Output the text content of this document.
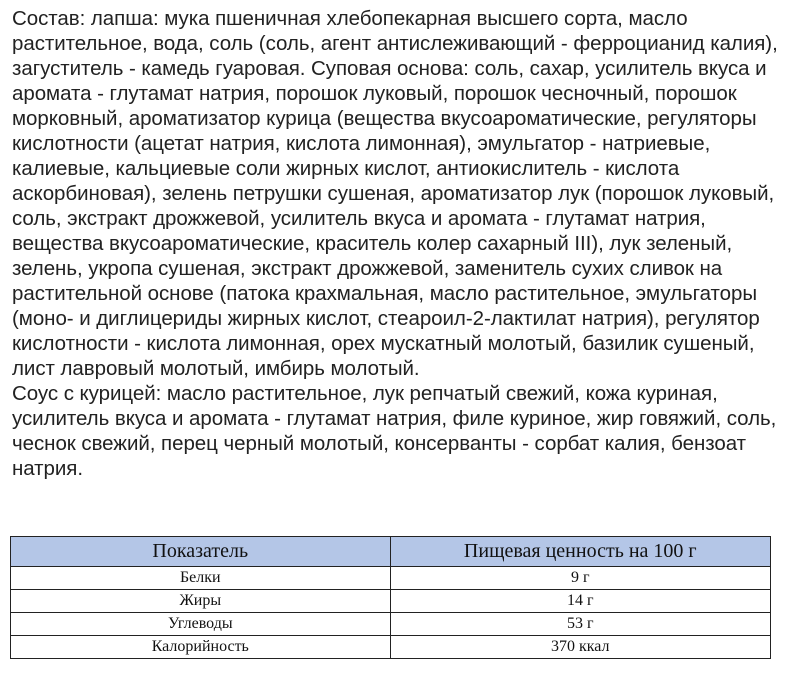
Состав: лапша: мука пшеничная хлебопекарная высшего сорта, масло растительное, вода, соль (соль, агент антислеживающий - ферроцианид калия), загуститель - камедь гуаровая. Суповая основа: соль, сахар, усилитель вкуса и аромата - глутамат натрия, порошок луковый, порошок чесночный, порошок морковный, ароматизатор курица (вещества вкусоароматические, регуляторы кислотности (ацетат натрия, кислота лимонная), эмульгатор - натриевые, калиевые, кальциевые соли жирных кислот, антиокислитель - кислота аскорбиновая), зелень петрушки сушеная, ароматизатор лук (порошок луковый, соль, экстракт дрожжевой, усилитель вкуса и аромата - глутамат натрия, вещества вкусоароматические, краситель колер сахарный III), лук зеленый, зелень, укропа сушеная, экстракт дрожжевой, заменитель сухих сливок на растительной основе (патока крахмальная, масло растительное, эмульгаторы (моно- и диглицериды жирных кислот, стеароил-2-лактилат натрия), регулятор кислотности - кислота лимонная, орех мускатный молотый, базилик сушеный, лист лавровый молотый, имбирь молотый.

Соус с курицей: масло растительное, лук репчатый свежий, кожа куриная, усилитель вкуса и аромата - глутамат натрия, филе куриное, жир говяжий, соль, чеснок свежий, перец черный молотый, консерванты - сорбат калия, бензоат натрия.

Показатель	Пищевая ценность на 100 г
Белки	9 г
Жиры	14 г
Углеводы	53 г
Калорийность	370 ккал
